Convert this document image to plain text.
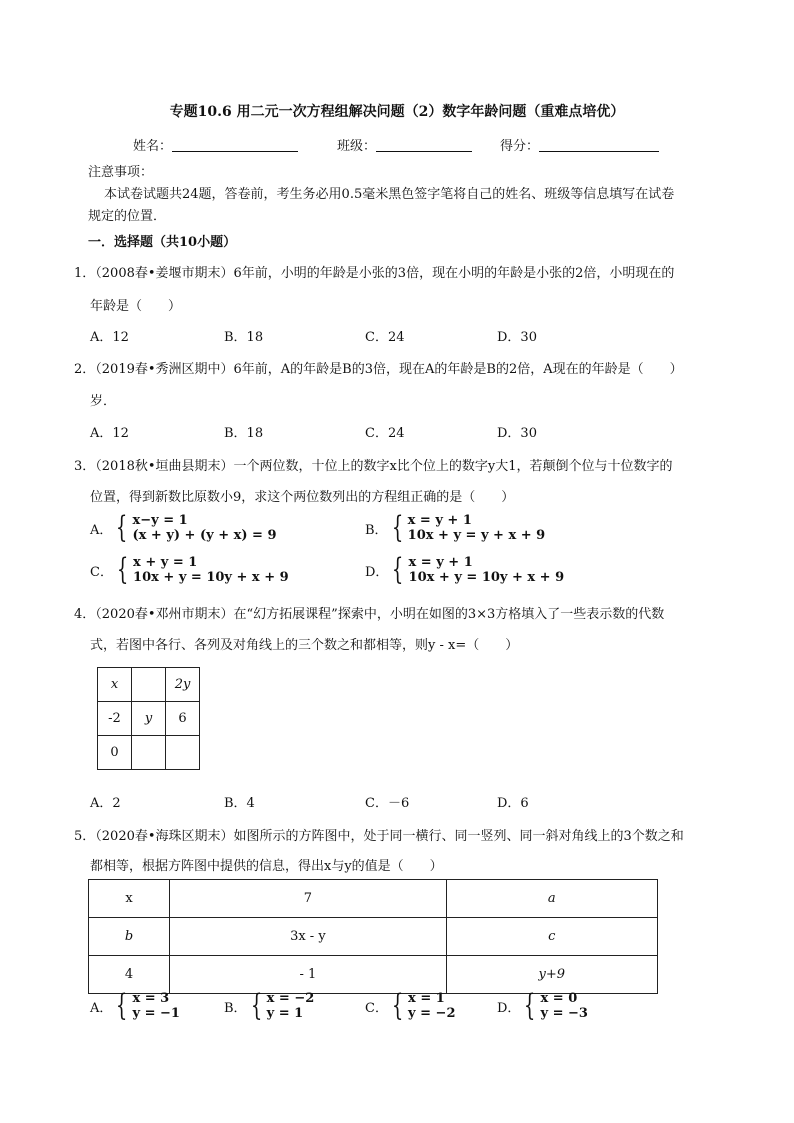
专题10.6 用二元一次方程组解决问题（2）数字年龄问题（重难点培优）
姓名：	班级：	得分：
注意事项：
本试卷试题共24题，答卷前，考生务必用0.5毫米黑色签字笔将自己的姓名、班级等信息填写在试卷
规定的位置．
一．选择题（共10小题）
1．（2008春•姜堰市期末）6年前，小明的年龄是小张的3倍，现在小明的年龄是小张的2倍，小明现在的
年龄是（　　）
A．12	B．18	C．24	D．30
2．（2019春•秀洲区期中）6年前，A的年龄是B的3倍，现在A的年龄是B的2倍，A现在的年龄是（　　）
岁．
A．12	B．18	C．24	D．30
3．（2018秋•垣曲县期末）一个两位数，十位上的数字x比个位上的数字y大1，若颠倒个位与十位数字的
位置，得到新数比原数小9，求这个两位数列出的方程组正确的是（　　）
A． { x−y = 1
(x + y) + (y + x) = 9	B． { x = y + 1
10x + y = y + x + 9
C． { x + y = 1
10x + y = 10y + x + 9	D． { x = y + 1
10x + y = 10y + x + 9
4．（2020春•邓州市期末）在“幻方拓展课程”探索中，小明在如图的3×3方格填入了一些表示数的代数
式，若图中各行、各列及对角线上的三个数之和都相等，则y - x=（　　）
x		2y
-2	y	6
0		
A．2	B．4	C．－6	D．6
5．（2020春•海珠区期末）如图所示的方阵图中，处于同一横行、同一竖列、同一斜对角线上的3个数之和
都相等，根据方阵图中提供的信息，得出x与y的值是（　　）
x	7	a
b	3x - y	c
4	- 1	y+9
A． { x = 3
y = −1	B． { x = −2
y = 1	C． { x = 1
y = −2	D． { x = 0
y = −3
